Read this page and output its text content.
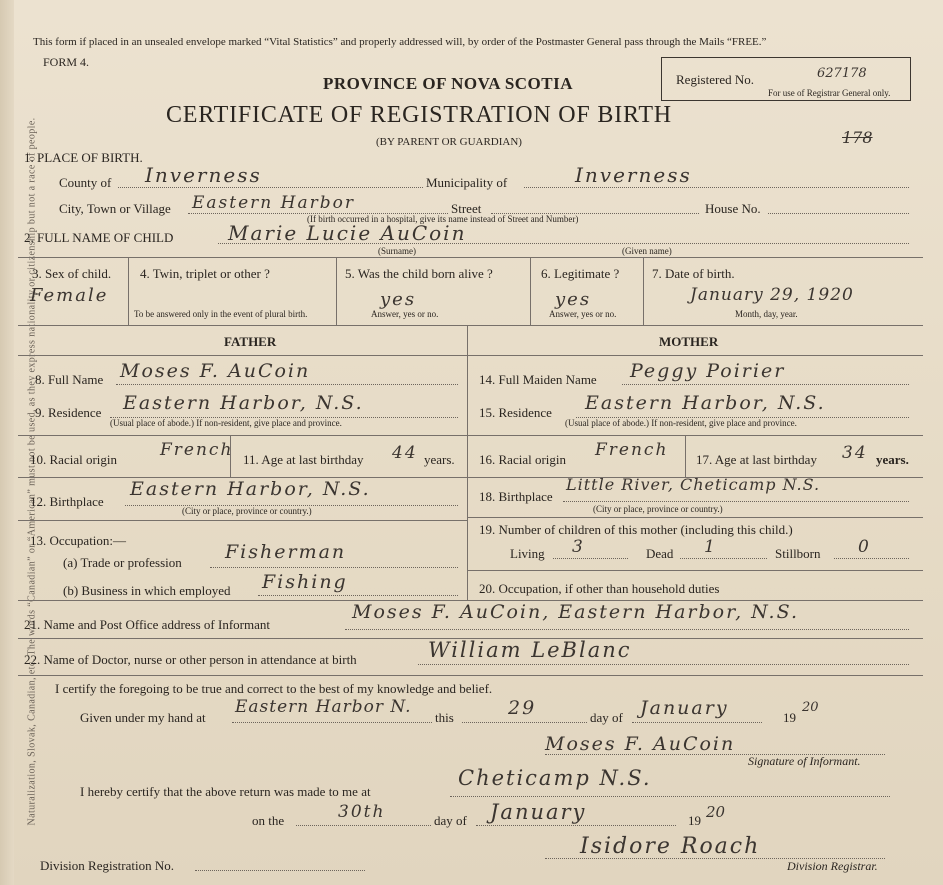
Naturalization, Slovak, Canadian, etc. The words “Canadian” or “American” must not be used, as they express nationality or citizenship but not a race of people.
This form if placed in an unsealed envelope marked “Vital Statistics” and properly addressed will, by order of the Postmaster General pass through the Mails “FREE.”
FORM 4.
PROVINCE OF NOVA SCOTIA
CERTIFICATE OF REGISTRATION OF BIRTH
(BY PARENT OR GUARDIAN)
Registered No.	627178
For use of Registrar General only.
178
1. PLACE OF BIRTH.
County of Inverness	Municipality of	Inverness
City, Town or Village Eastern Harbor	Street
(If birth occurred in a hospital, give its name instead of Street and Number)
House No.
2. FULL NAME OF CHILD	Marie Lucie AuCoin
(Surname)	(Given name)
3. Sex of child.
Female
4. Twin, triplet or other ?
To be answered only in the event of plural birth.
5. Was the child born alive ?
yes
Answer, yes or no.
6. Legitimate ?
yes
Answer, yes or no.
7. Date of birth.
January 29, 1920
Month, day, year.
FATHER	MOTHER
8. Full Name Moses F. AuCoin
9. Residence Eastern Harbor, N.S.
(Usual place of abode.) If non-resident, give place and province.
10. Racial origin	French 11. Age at last birthday 44 years.
12. Birthplace
Eastern Harbor, N.S.
(City or place, province or country.)
13. Occupation:—
(a) Trade or profession Fisherman
(b) Business in which employed Fishing
14. Full Maiden Name Peggy Poirier
15. Residence Eastern Harbor, N.S.
(Usual place of abode.) If non-resident, give place and province.
16. Racial origin French 17. Age at last birthday 34 years.
18. Birthplace
Little River, Cheticamp N.S.
(City or place, province or country.)
19. Number of children of this mother (including this child.)
Living 3	Dead 1	Stillborn 0
20. Occupation, if other than household duties
21. Name and Post Office address of Informant
Moses F. AuCoin, Eastern Harbor, N.S.
22. Name of Doctor, nurse or other person in attendance at birth	William LeBlanc
I certify the foregoing to be true and correct to the best of my knowledge and belief.
Given under my hand at
Eastern Harbor N.
this	29	day of January	19
20
Moses F. AuCoin
Signature of Informant.
I hereby certify that the above return was made to me at
Cheticamp N.S.
on the	30th	day of January	19 20
Division Registration No.
Isidore Roach
Division Registrar.
